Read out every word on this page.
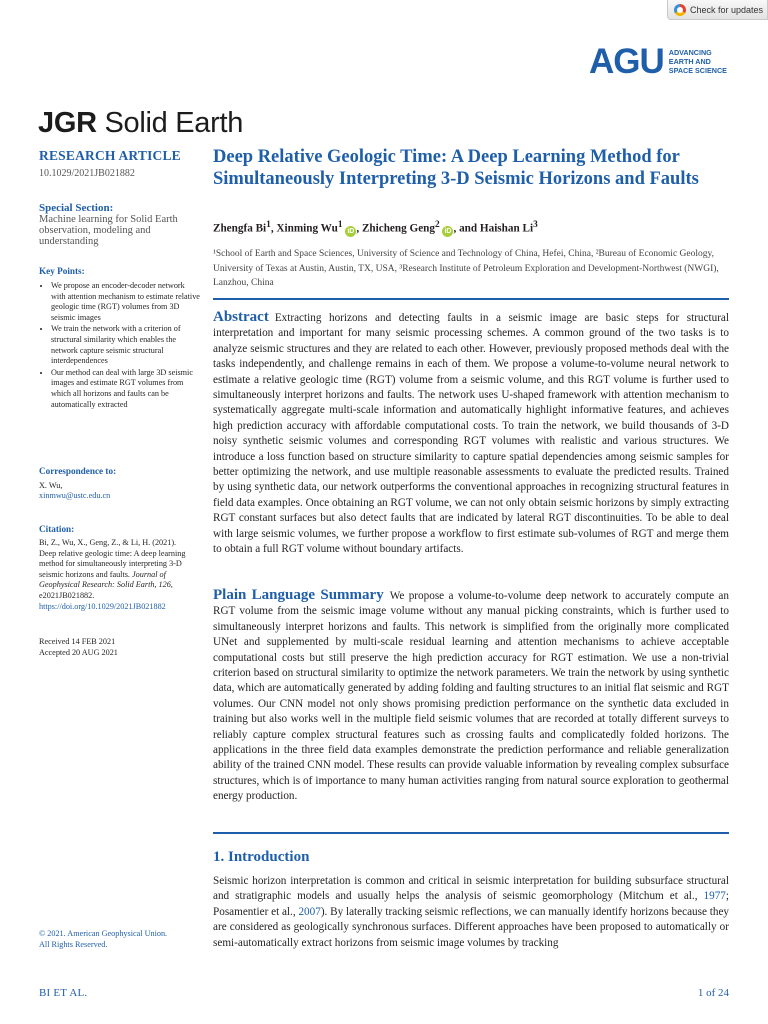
Check for updates
AGU ADVANCING
EARTH AND
SPACE SCIENCE
JGR Solid Earth
RESEARCH ARTICLE
10.1029/2021JB021882
Special Section:
Machine learning for Solid Earth observation, modeling and understanding
Key Points:
• We propose an encoder-decoder network with attention mechanism to estimate relative geologic time (RGT) volumes from 3D seismic images
• We train the network with a criterion of structural similarity which enables the network capture seismic structural interdependences
• Our method can deal with large 3D seismic images and estimate RGT volumes from which all horizons and faults can be automatically extracted
Correspondence to:
X. Wu,
xinmwu@ustc.edu.cn
Citation:
Bi, Z., Wu, X., Geng, Z., & Li, H. (2021). Deep relative geologic time: A deep learning method for simultaneously interpreting 3-D seismic horizons and faults. Journal of Geophysical Research: Solid Earth, 126, e2021JB021882. https://doi.org/10.1029/2021JB021882
Received 14 FEB 2021
Accepted 20 AUG 2021
© 2021. American Geophysical Union.
All Rights Reserved.
Deep Relative Geologic Time: A Deep Learning Method for Simultaneously Interpreting 3-D Seismic Horizons and Faults
Zhengfa Bi$^1$, Xinming Wu$^1$ iD , Zhicheng Geng$^2$ iD , and Haishan Li$^3$
¹School of Earth and Space Sciences, University of Science and Technology of China, Hefei, China, ²Bureau of Economic Geology, University of Texas at Austin, Austin, TX, USA, ³Research Institute of Petroleum Exploration and Development-Northwest (NWGI), Lanzhou, China

Abstract Extracting horizons and detecting faults in a seismic image are basic steps for structural interpretation and important for many seismic processing schemes. A common ground of the two tasks is to analyze seismic structures and they are related to each other. However, previously proposed methods deal with the tasks independently, and challenge remains in each of them. We propose a volume-to-volume neural network to estimate a relative geologic time (RGT) volume from a seismic volume, and this RGT volume is further used to simultaneously interpret horizons and faults. The network uses U-shaped framework with attention mechanism to systematically aggregate multi-scale information and automatically highlight informative features, and achieves high prediction accuracy with affordable computational costs. To train the network, we build thousands of 3-D noisy synthetic seismic volumes and corresponding RGT volumes with realistic and various structures. We introduce a loss function based on structure similarity to capture spatial dependencies among seismic samples for better optimizing the network, and use multiple reasonable assessments to evaluate the predicted results. Trained by using synthetic data, our network outperforms the conventional approaches in recognizing structural features in field data examples. Once obtaining an RGT volume, we can not only obtain seismic horizons by simply extracting RGT constant surfaces but also detect faults that are indicated by lateral RGT discontinuities. To be able to deal with large seismic volumes, we further propose a workflow to first estimate sub-volumes of RGT and merge them to obtain a full RGT volume without boundary artifacts.

Plain Language Summary We propose a volume-to-volume deep network to accurately compute an RGT volume from the seismic image volume without any manual picking constraints, which is further used to simultaneously interpret horizons and faults. This network is simplified from the originally more complicated UNet and supplemented by multi-scale residual learning and attention mechanisms to achieve acceptable computational costs but still preserve the high prediction accuracy for RGT estimation. We use a non-trivial criterion based on structural similarity to optimize the network parameters. We train the network by using synthetic data, which are automatically generated by adding folding and faulting structures to an initial flat seismic and RGT volumes. Our CNN model not only shows promising prediction performance on the synthetic data excluded in training but also works well in the multiple field seismic volumes that are recorded at totally different surveys to reliably capture complex structural features such as crossing faults and complicatedly folded horizons. The applications in the three field data examples demonstrate the prediction performance and reliable generalization ability of the trained CNN model. These results can provide valuable information by revealing complex subsurface structures, which is of importance to many human activities ranging from natural source exploration to geothermal energy production.

1. Introduction

Seismic horizon interpretation is common and critical in seismic interpretation for building subsurface structural and stratigraphic models and usually helps the analysis of seismic geomorphology (Mitchum et al., 1977; Posamentier et al., 2007). By laterally tracking seismic reflections, we can manually identify horizons because they are considered as geologically synchronous surfaces. Different approaches have been proposed to automatically or semi-automatically extract horizons from seismic image volumes by tracking

BI ET AL.	1 of 24
